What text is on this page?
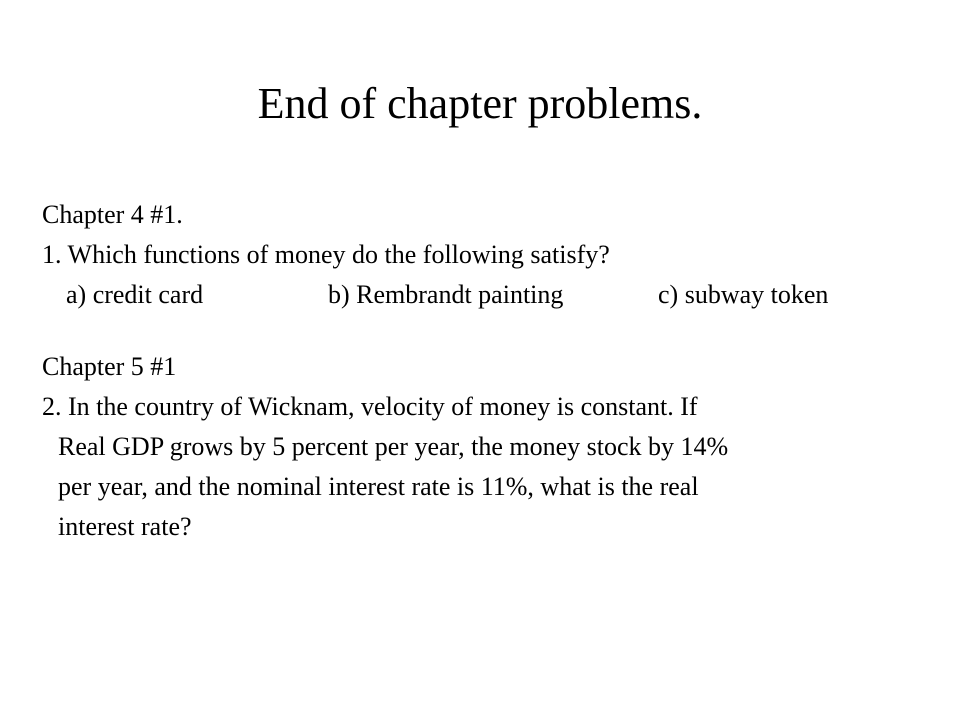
End of chapter problems.
Chapter 4 #1.
1. Which functions of money do the following satisfy?
a) credit card	b) Rembrandt painting	c) subway token
Chapter 5 #1
2. In the country of Wicknam, velocity of money is constant. If
Real GDP grows by 5 percent per year, the money stock by 14%
per year, and the nominal interest rate is 11%, what is the real
interest rate?
